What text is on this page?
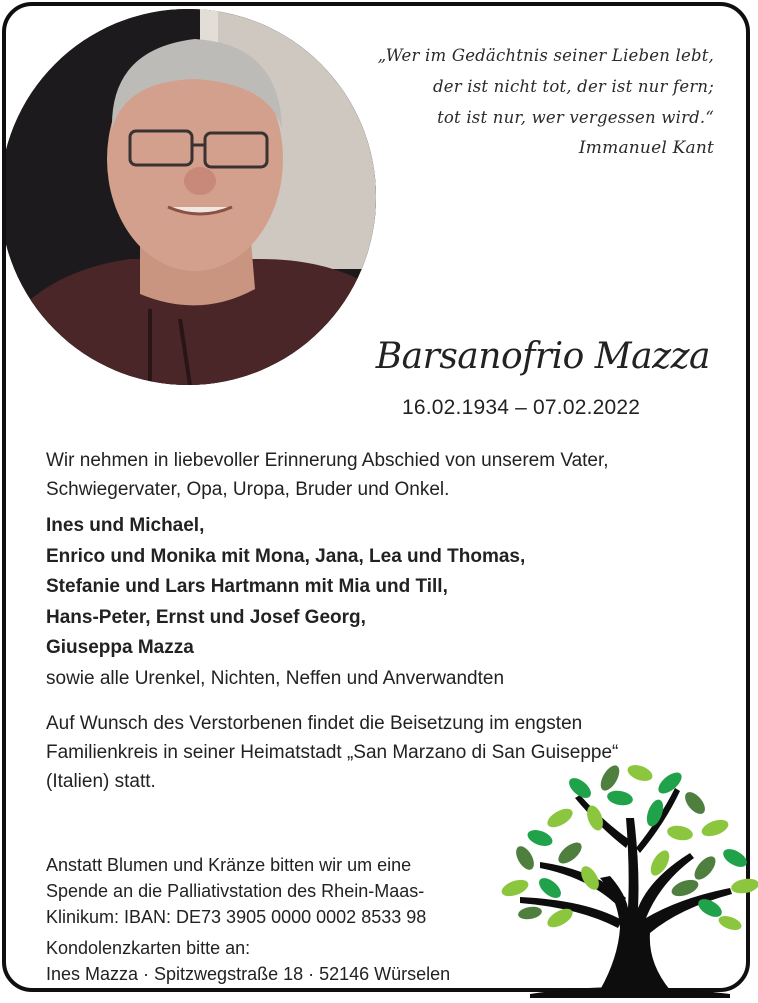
„Wer im Gedächtnis seiner Lieben lebt,
der ist nicht tot, der ist nur fern;
tot ist nur, wer vergessen wird.“
Immanuel Kant
Barsanofrio Mazza
16.02.1934 – 07.02.2022
Wir nehmen in liebevoller Erinnerung Abschied von unserem Vater,
Schwiegervater, Opa, Uropa, Bruder und Onkel.
Ines und Michael,
Enrico und Monika mit Mona, Jana, Lea und Thomas,
Stefanie und Lars Hartmann mit Mia und Till,
Hans-Peter, Ernst und Josef Georg,
Giuseppa Mazza
sowie alle Urenkel, Nichten, Neffen und Anverwandten
Auf Wunsch des Verstorbenen findet die Beisetzung im engsten
Familienkreis in seiner Heimatstadt „San Marzano di San Guiseppe“
(Italien) statt.
Anstatt Blumen und Kränze bitten wir um eine
Spende an die Palliativstation des Rhein-Maas-
Klinikum: IBAN: DE73 3905 0000 0002 8533 98
Kondolenzkarten bitte an:
Ines Mazza · Spitzwegstraße 18 · 52146 Würselen
